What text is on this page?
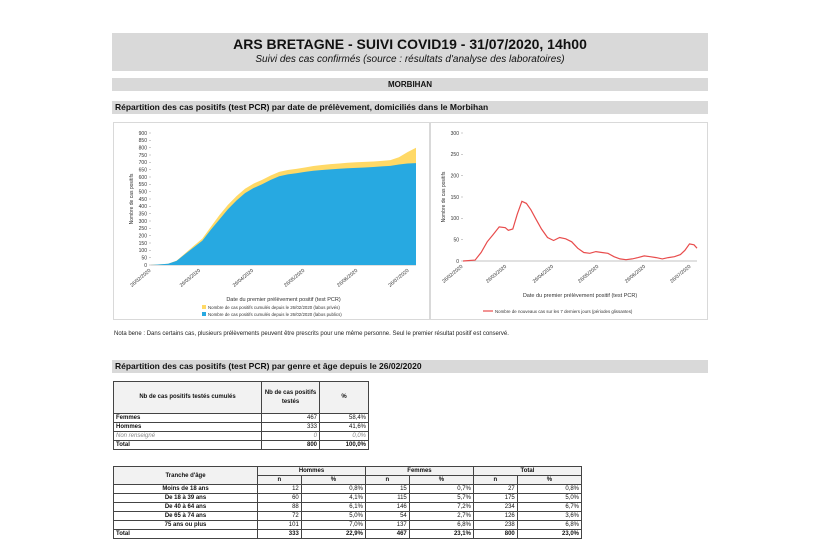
ARS BRETAGNE - SUIVI COVID19 - 31/07/2020, 14h00
Suivi des cas confirmés (source : résultats d'analyse des laboratoires)
MORBIHAN
Répartition des cas positifs (test PCR) par date de prélèvement, domiciliés dans le Morbihan
0
50
100
150
200
250
300
350
400
450
500
550
600
650
700
750
800
850
900
26/02/2020	26/03/2020	26/04/2020	26/05/2020	26/06/2020	26/07/2020
Nombre de cas positifs
Date du premier prélèvement positif (test PCR)
Nombre de cas positifs cumulés depuis le 26/02/2020 (labos privés)
Nombre de cas positifs cumulés depuis le 26/02/2020 (labos publics)
0
50
100
150
200
250
300
26/02/2020	26/03/2020	26/04/2020	26/05/2020	26/06/2020	26/07/2020
Nombre de cas positifs
Date du premier prélèvement positif (test PCR)
Nombre de nouveaux cas sur les 7 derniers jours (périodes glissantes)
Nota bene : Dans certains cas, plusieurs prélèvements peuvent être prescrits pour une même personne. Seul le premier résultat positif est conservé.
Répartition des cas positifs (test PCR) par genre et âge depuis le 26/02/2020
Nb de cas positifs testés cumulés	Nb de cas positifs testés	%
Femmes	467	58,4%
Hommes	333	41,6%
Non renseigné	0	0,0%
Total	800	100,0%
Tranche d'âge	Hommes		Femmes		Total	
	n	%	n	%	n	%
Moins de 18 ans	12	0,8%	15	0,7%	27	0,8%
De 18 à 39 ans	60	4,1%	115	5,7%	175	5,0%
De 40 à 64 ans	88	6,1%	146	7,2%	234	6,7%
De 65 à 74 ans	72	5,0%	54	2,7%	126	3,6%
75 ans ou plus	101	7,0%	137	6,8%	238	6,8%
Total	333	22,9%	467	23,1%	800	23,0%
